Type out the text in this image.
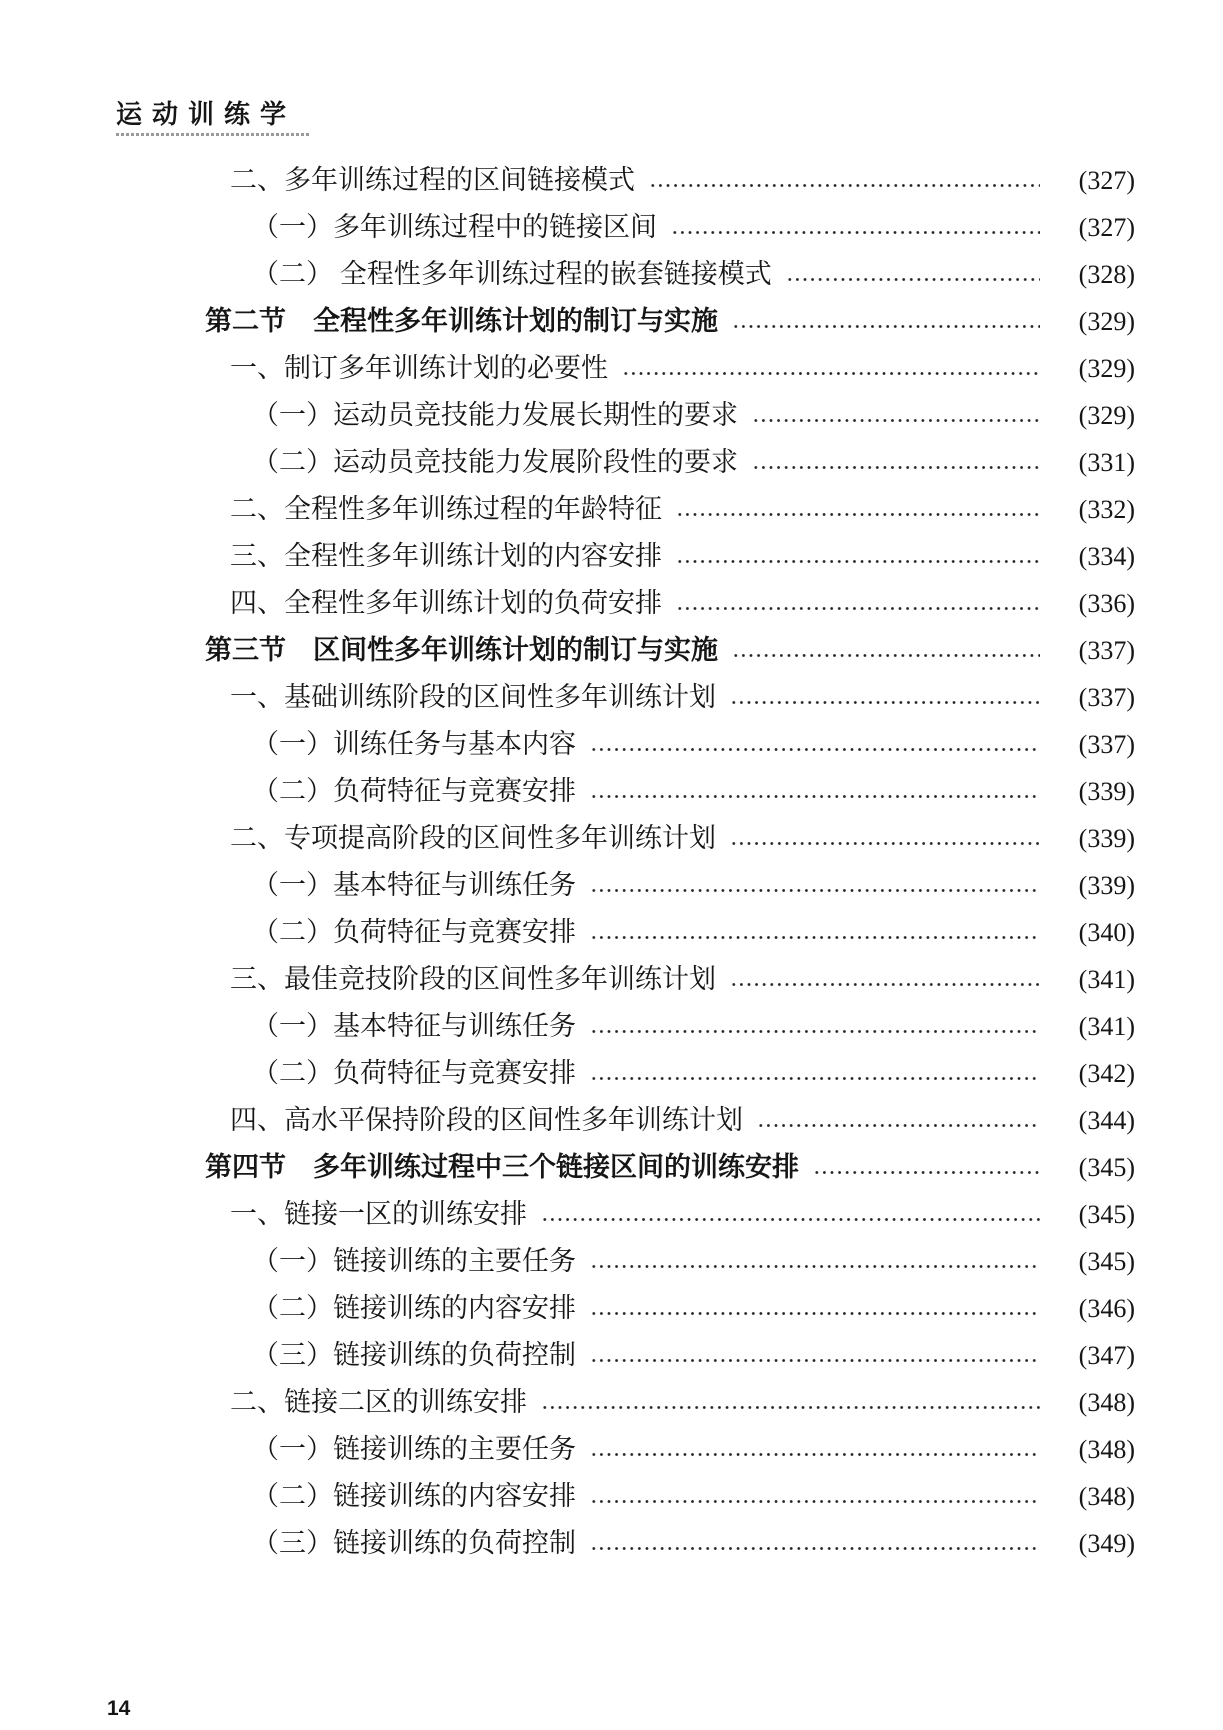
运动训练学
二、多年训练过程的区间链接模式	(327)
（一）多年训练过程中的链接区间	(327)
（二） 全程性多年训练过程的嵌套链接模式	(328)
第二节　全程性多年训练计划的制订与实施	(329)
一、制订多年训练计划的必要性	(329)
（一）运动员竞技能力发展长期性的要求	(329)
（二）运动员竞技能力发展阶段性的要求	(331)
二、全程性多年训练过程的年龄特征	(332)
三、全程性多年训练计划的内容安排	(334)
四、全程性多年训练计划的负荷安排	(336)
第三节　区间性多年训练计划的制订与实施	(337)
一、基础训练阶段的区间性多年训练计划	(337)
（一）训练任务与基本内容	(337)
（二）负荷特征与竞赛安排	(339)
二、专项提高阶段的区间性多年训练计划	(339)
（一）基本特征与训练任务	(339)
（二）负荷特征与竞赛安排	(340)
三、最佳竞技阶段的区间性多年训练计划	(341)
（一）基本特征与训练任务	(341)
（二）负荷特征与竞赛安排	(342)
四、高水平保持阶段的区间性多年训练计划	(344)
第四节　多年训练过程中三个链接区间的训练安排	(345)
一、链接一区的训练安排	(345)
（一）链接训练的主要任务	(345)
（二）链接训练的内容安排	(346)
（三）链接训练的负荷控制	(347)
二、链接二区的训练安排	(348)
（一）链接训练的主要任务	(348)
（二）链接训练的内容安排	(348)
（三）链接训练的负荷控制	(349)
14
